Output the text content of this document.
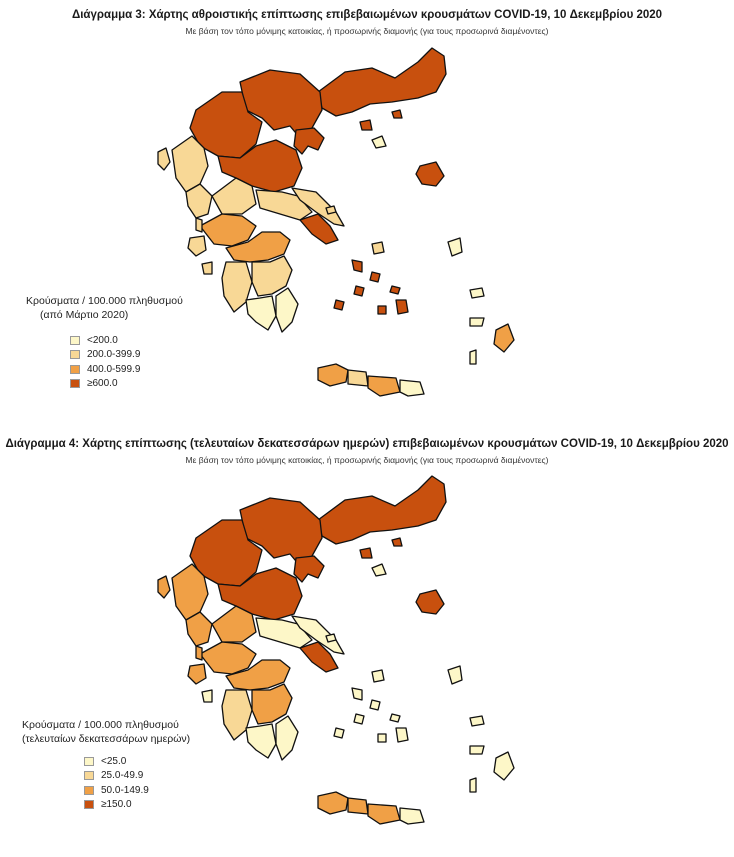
Διάγραμμα 3: Χάρτης αθροιστικής επίπτωσης επιβεβαιωμένων κρουσμάτων COVID-19, 10 Δεκεμβρίου 2020
Με βάση τον τόπο μόνιμης κατοικίας, ή προσωρινής διαμονής (για τους προσωρινά διαμένοντες)
Κρούσματα / 100.000 πληθυσμού
(από Μάρτιο 2020)
<200.0
200.0-399.9
400.0-599.9
≥600.0
Διάγραμμα 4: Χάρτης επίπτωσης (τελευταίων δεκατεσσάρων ημερών) επιβεβαιωμένων κρουσμάτων COVID-19, 10 Δεκεμβρίου 2020
Με βάση τον τόπο μόνιμης κατοικίας, ή προσωρινής διαμονής (για τους προσωρινά διαμένοντες)
Κρούσματα / 100.000 πληθυσμού
(τελευταίων δεκατεσσάρων ημερών)
<25.0
25.0-49.9
50.0-149.9
≥150.0
